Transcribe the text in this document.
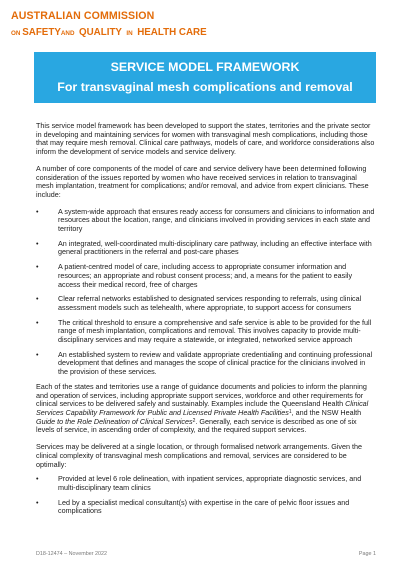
AUSTRALIAN COMMISSION
ON SAFETYAND QUALITY IN HEALTH CARE
SERVICE MODEL FRAMEWORK
For transvaginal mesh complications and removal

This service model framework has been developed to support the states, territories and the private sector in developing and maintaining services for women with transvaginal mesh complications, including those that may require mesh removal. Clinical care pathways, models of care, and workforce considerations also inform the development of service models and service delivery.

A number of core components of the model of care and service delivery have been determined following consideration of the issues reported by women who have received services in relation to transvaginal mesh implantation, treatment for complications; and/or removal, and advice from expert clinicians. These include:

•	A system-wide approach that ensures ready access for consumers and clinicians to information and resources about the location, range, and clinicians involved in providing services in each state and territory
•	An integrated, well-coordinated multi-disciplinary care pathway, including an effective interface with general practitioners in the referral and post-care phases
•	A patient-centred model of care, including access to appropriate consumer information and resources; an appropriate and robust consent process; and, a means for the patient to easily access their medical record, free of charges
•	Clear referral networks established to designated services responding to referrals, using clinical assessment models such as telehealth, where appropriate, to support access for consumers
•	The critical threshold to ensure a comprehensive and safe service is able to be provided for the full range of mesh implantation, complications and removal. This involves capacity to provide multi-disciplinary services and may require a statewide, or integrated, networked service approach
•	An established system to review and validate appropriate credentialing and continuing professional development that defines and manages the scope of clinical practice for the clinicians involved in the provision of these services.

Each of the states and territories use a range of guidance documents and policies to inform the planning and operation of services, including appropriate support services, workforce and other requirements for clinical services to be delivered safely and sustainably. Examples include the Queensland Health Clinical Services Capability Framework for Public and Licensed Private Health Facilities$^1$, and the NSW Health Guide to the Role Delineation of Clinical Services$^2$. Generally, each service is described as one of six levels of service, in ascending order of complexity, and the required support services.

Services may be delivered at a single location, or through formalised network arrangements. Given the clinical complexity of transvaginal mesh complications and removal, services are considered to be optimally:

•	Provided at level 6 role delineation, with inpatient services, appropriate diagnostic services, and multi-disciplinary team clinics
•	Led by a specialist medical consultant(s) with expertise in the care of pelvic floor issues and complications
D18-12474 – November 2022	Page 1
